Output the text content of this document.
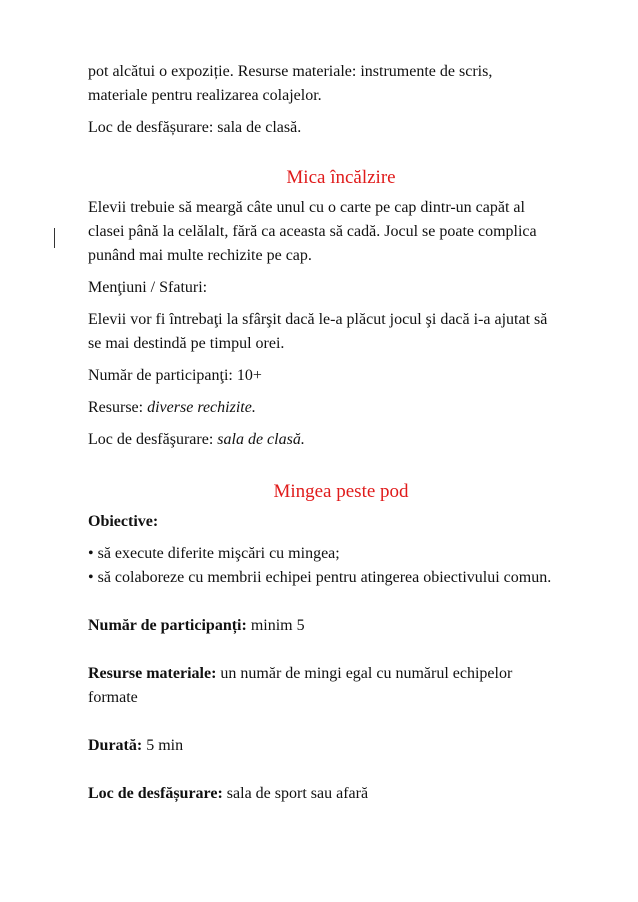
pot alcătui o expoziție. Resurse materiale: instrumente de scris,

materiale pentru realizarea colajelor.

Loc de desfășurare: sala de clasă.

Mica încălzire

Elevii trebuie să meargă câte unul cu o carte pe cap dintr-un capăt al

clasei până la celălalt, fără ca aceasta să cadă. Jocul se poate complica

punând mai multe rechizite pe cap.

Menţiuni / Sfaturi:

Elevii vor fi întrebaţi la sfârşit dacă le-a plăcut jocul şi dacă i-a ajutat să

se mai destindă pe timpul orei.

Număr de participanţi: 10+

Resurse: diverse rechizite.

Loc de desfăşurare: sala de clasă.

Mingea peste pod

Obiective:

• să execute diferite mişcări cu mingea;

• să colaboreze cu membrii echipei pentru atingerea obiectivului comun.

Număr de participanți: minim 5

Resurse materiale: un număr de mingi egal cu numărul echipelor

formate

Durată: 5 min

Loc de desfășurare: sala de sport sau afară
